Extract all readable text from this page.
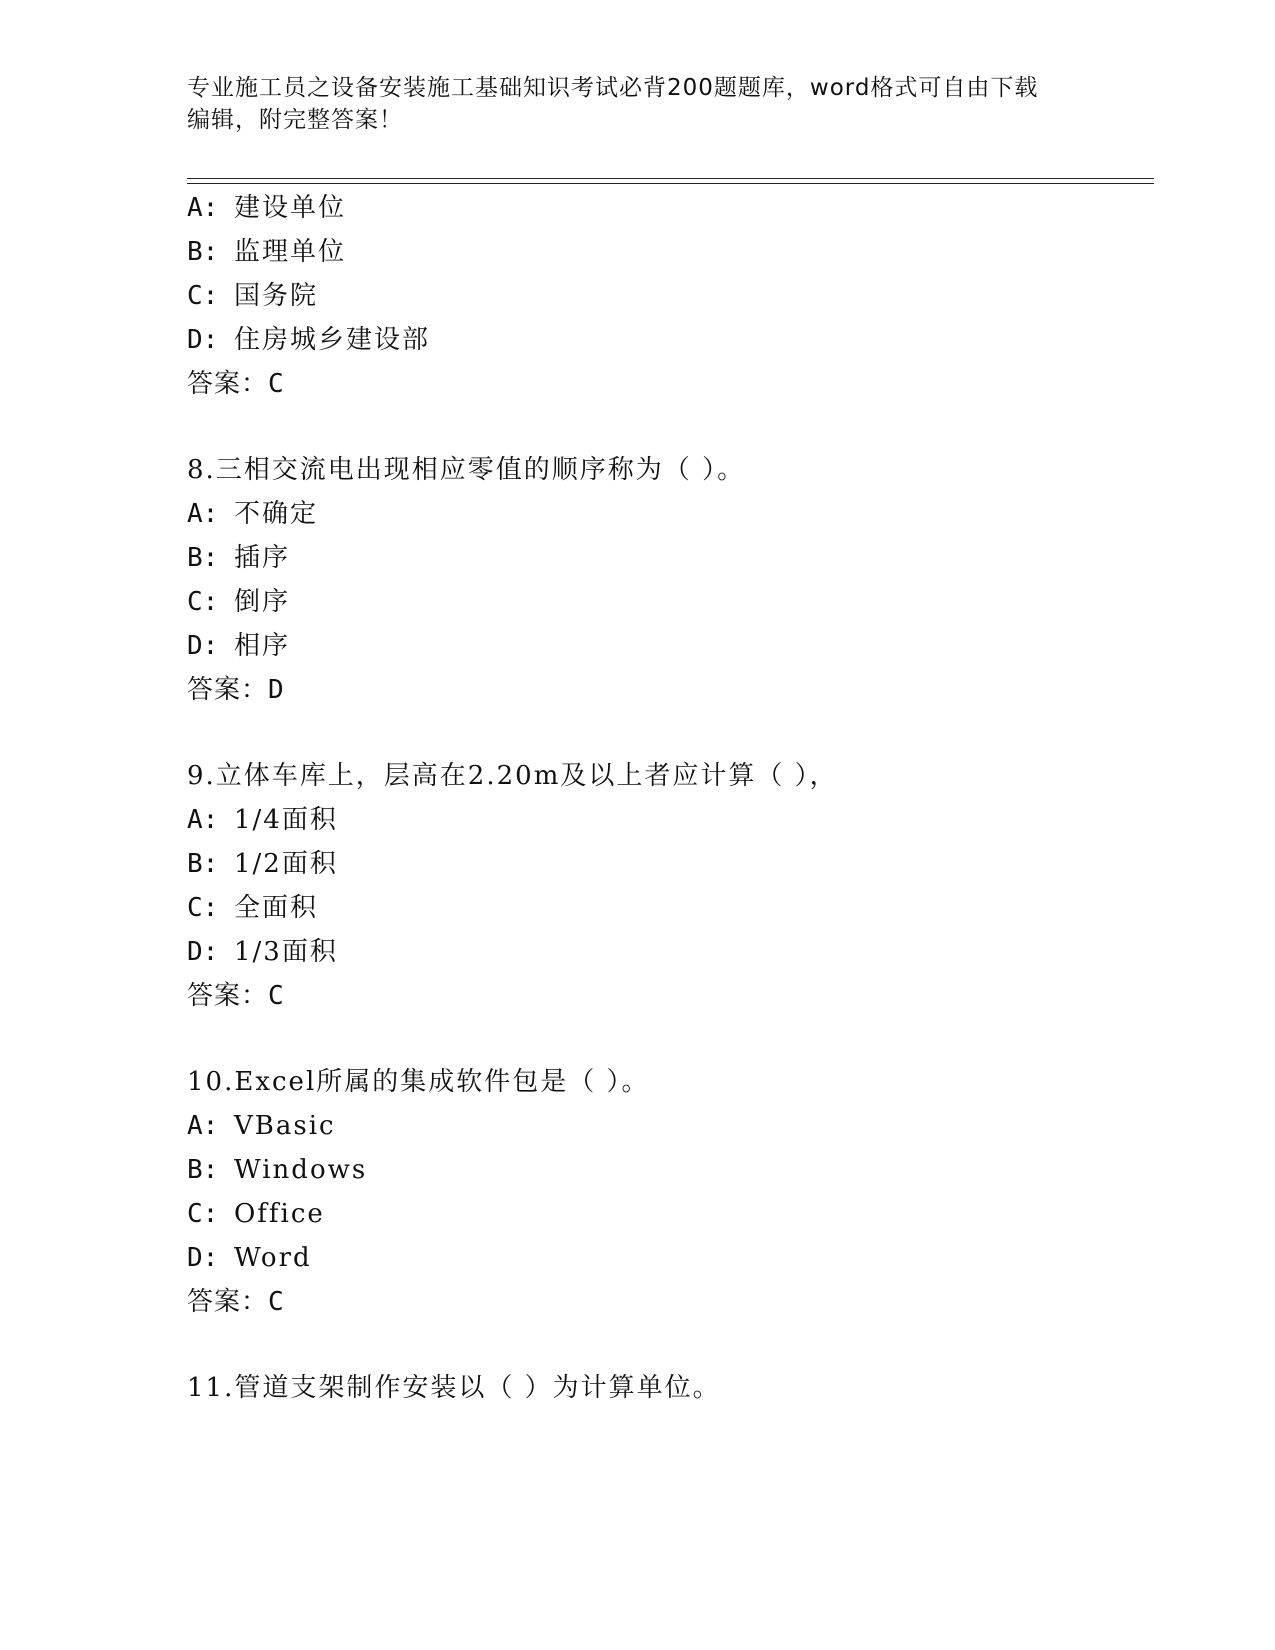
专业施工员之设备安装施工基础知识考试必背200题题库，word格式可自由下载
编辑，附完整答案！
A: 建设单位
B: 监理单位
C: 国务院
D: 住房城乡建设部
答案：C
8.三相交流电出现相应零值的顺序称为（ ）。
A: 不确定
B: 插序
C: 倒序
D: 相序
答案：D
9.立体车库上，层高在2.20m及以上者应计算（ ），
A: 1/4面积
B: 1/2面积
C: 全面积
D: 1/3面积
答案：C
10.Excel所属的集成软件包是（ ）。
A: VBasic
B: Windows
C: Office
D: Word
答案：C
11.管道支架制作安装以（ ）为计算单位。
